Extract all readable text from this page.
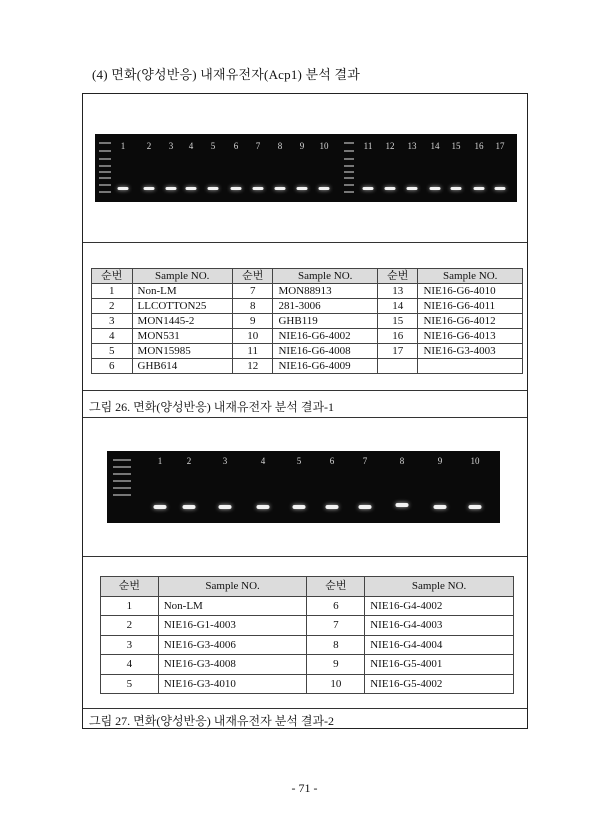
(4) 면화(양성반응) 내재유전자(Acp1) 분석 결과
1 2 3 4 5 6 7 8 9 10	11 12 13 14 15 16 17
순번	Sample NO.	순번	Sample NO.	순번	Sample NO.
1	Non-LM	7	MON88913	13	NIE16-G6-4010
2	LLCOTTON25	8	281-3006	14	NIE16-G6-4011
3	MON1445-2	9	GHB119	15	NIE16-G6-4012
4	MON531	10	NIE16-G6-4002	16	NIE16-G6-4013
5	MON15985	11	NIE16-G6-4008	17	NIE16-G3-4003
6	GHB614	12	NIE16-G6-4009		
그림 26. 면화(양성반응) 내재유전자 분석 결과-1
1	2	3	4	5	6	7	8	9	10
순번	Sample NO.	순번	Sample NO.
1	Non-LM	6	NIE16-G4-4002
2	NIE16-G1-4003	7	NIE16-G4-4003
3	NIE16-G3-4006	8	NIE16-G4-4004
4	NIE16-G3-4008	9	NIE16-G5-4001
5	NIE16-G3-4010	10	NIE16-G5-4002
그림 27. 면화(양성반응) 내재유전자 분석 결과-2
- 71 -
